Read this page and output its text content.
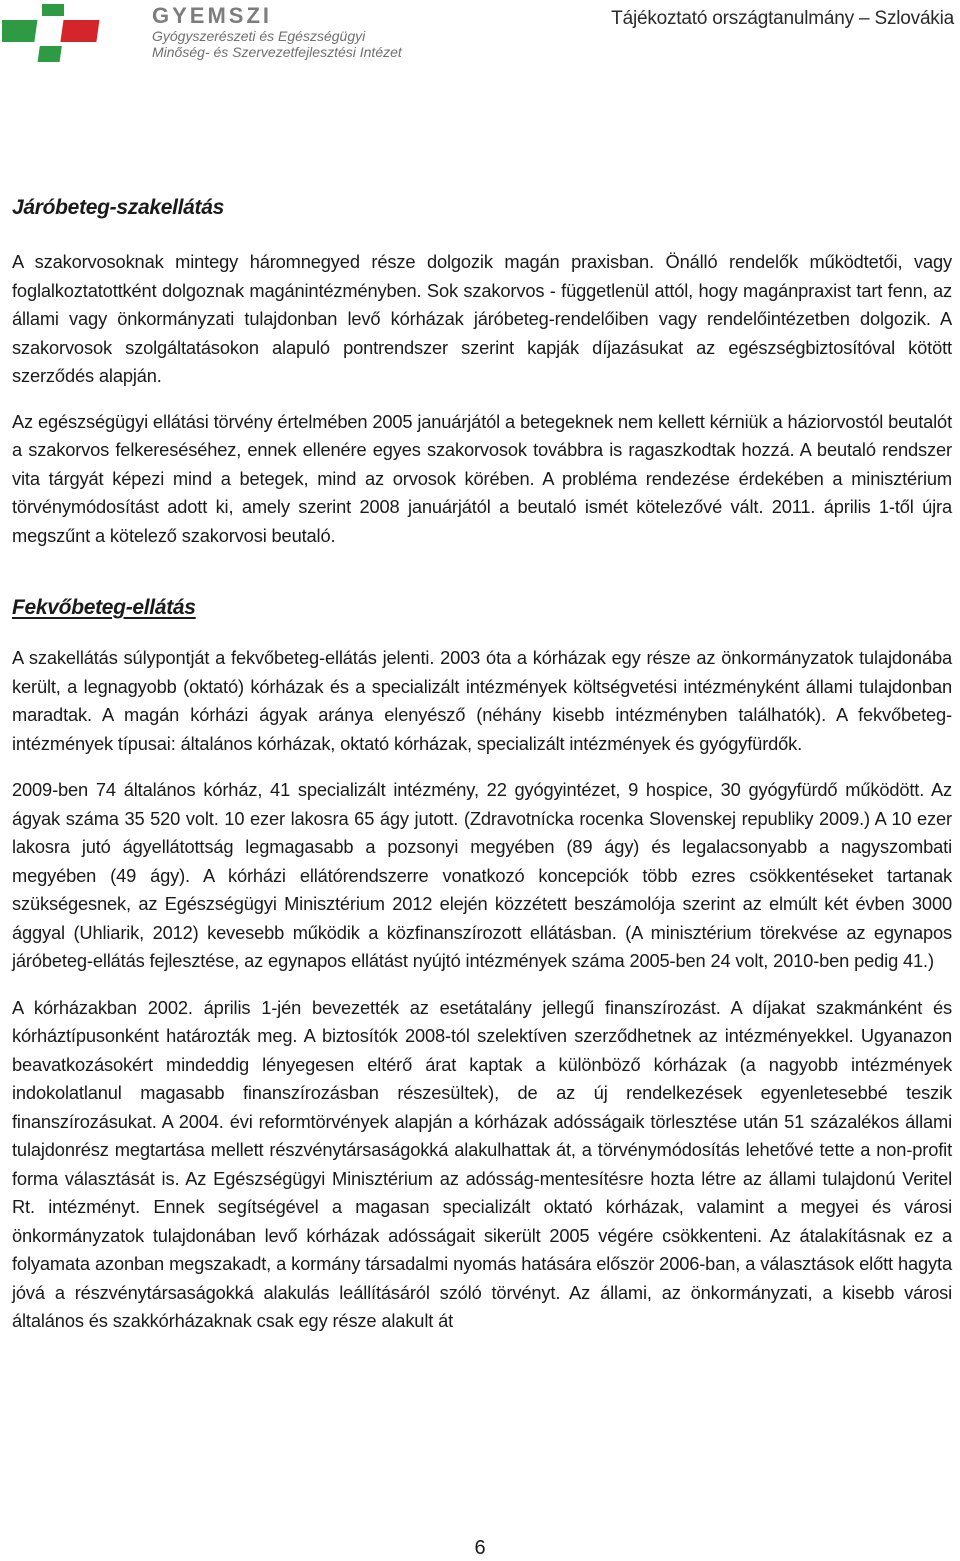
GYEMSZI
Gyógyszerészeti és Egészségügyi
Minőség- és Szervezetfejlesztési Intézet
Tájékoztató országtanulmány – Szlovákia
Járóbeteg-szakellátás

A szakorvosoknak mintegy háromnegyed része dolgozik magán praxisban. Önálló rendelők működtetői, vagy foglalkoztatottként dolgoznak magánintézményben. Sok szakorvos - függetlenül attól, hogy magánpraxist tart fenn, az állami vagy önkormányzati tulajdonban levő kórházak járóbeteg-rendelőiben vagy rendelőintézetben dolgozik. A szakorvosok szolgáltatásokon alapuló pontrendszer szerint kapják díjazásukat az egészségbiztosítóval kötött szerződés alapján.

Az egészségügyi ellátási törvény értelmében 2005 januárjától a betegeknek nem kellett kérniük a háziorvostól beutalót a szakorvos felkereséséhez, ennek ellenére egyes szakorvosok továbbra is ragaszkodtak hozzá. A beutaló rendszer vita tárgyát képezi mind a betegek, mind az orvosok körében. A probléma rendezése érdekében a minisztérium törvénymódosítást adott ki, amely szerint 2008 januárjától a beutaló ismét kötelezővé vált. 2011. április 1-től újra megszűnt a kötelező szakorvosi beutaló.

Fekvőbeteg-ellátás

A szakellátás súlypontját a fekvőbeteg-ellátás jelenti. 2003 óta a kórházak egy része az önkormányzatok tulajdonába került, a legnagyobb (oktató) kórházak és a specializált intézmények költségvetési intézményként állami tulajdonban maradtak. A magán kórházi ágyak aránya elenyésző (néhány kisebb intézményben találhatók). A fekvőbeteg-intézmények típusai: általános kórházak, oktató kórházak, specializált intézmények és gyógyfürdők.

2009-ben 74 általános kórház, 41 specializált intézmény, 22 gyógyintézet, 9 hospice, 30 gyógyfürdő működött. Az ágyak száma 35 520 volt. 10 ezer lakosra 65 ágy jutott. (Zdravotnícka rocenka Slovenskej republiky 2009.) A 10 ezer lakosra jutó ágyellátottság legmagasabb a pozsonyi megyében (89 ágy) és legalacsonyabb a nagyszombati megyében (49 ágy). A kórházi ellátórendszerre vonatkozó koncepciók több ezres csökkentéseket tartanak szükségesnek, az Egészségügyi Minisztérium 2012 elején közzétett beszámolója szerint az elmúlt két évben 3000 ággyal (Uhliarik, 2012) kevesebb működik a közfinanszírozott ellátásban. (A minisztérium törekvése az egynapos járóbeteg-ellátás fejlesztése, az egynapos ellátást nyújtó intézmények száma 2005-ben 24 volt, 2010-ben pedig 41.)

A kórházakban 2002. április 1-jén bevezették az esetátalány jellegű finanszírozást. A díjakat szakmánként és kórháztípusonként határozták meg. A biztosítók 2008-tól szelektíven szerződhetnek az intézményekkel. Ugyanazon beavatkozásokért mindeddig lényegesen eltérő árat kaptak a különböző kórházak (a nagyobb intézmények indokolatlanul magasabb finanszírozásban részesültek), de az új rendelkezések egyenletesebbé teszik finanszírozásukat. A 2004. évi reformtörvények alapján a kórházak adósságaik törlesztése után 51 százalékos állami tulajdonrész megtartása mellett részvénytársaságokká alakulhattak át, a törvénymódosítás lehetővé tette a non-profit forma választását is. Az Egészségügyi Minisztérium az adósság-mentesítésre hozta létre az állami tulajdonú Veritel Rt. intézményt. Ennek segítségével a magasan specializált oktató kórházak, valamint a megyei és városi önkormányzatok tulajdonában levő kórházak adósságait sikerült 2005 végére csökkenteni. Az átalakításnak ez a folyamata azonban megszakadt, a kormány társadalmi nyomás hatására először 2006-ban, a választások előtt hagyta jóvá a részvénytársaságokká alakulás leállításáról szóló törvényt. Az állami, az önkormányzati, a kisebb városi általános és szakkórházaknak csak egy része alakult át

6
